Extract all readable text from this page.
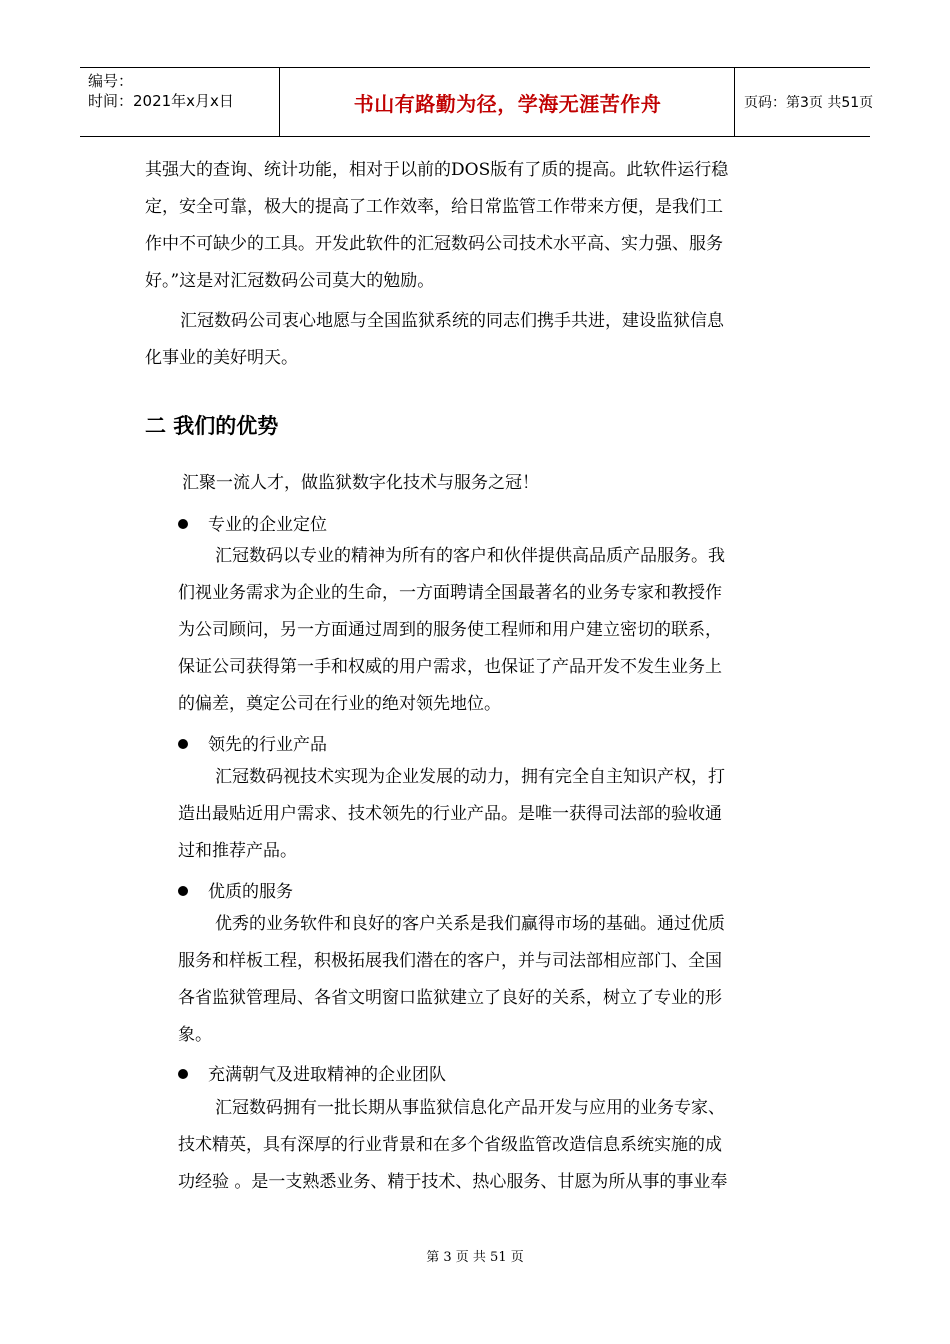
编号：
时间：2021年x月x日	书山有路勤为径，学海无涯苦作舟	页码：第3页 共51页
其强大的查询、统计功能，相对于以前的DOS版有了质的提高。此软件运行稳
定，安全可靠，极大的提高了工作效率，给日常监管工作带来方便，是我们工
作中不可缺少的工具。开发此软件的汇冠数码公司技术水平高、实力强、服务
好。”这是对汇冠数码公司莫大的勉励。
汇冠数码公司衷心地愿与全国监狱系统的同志们携手共进，建设监狱信息
化事业的美好明天。
二 我们的优势
汇聚一流人才，做监狱数字化技术与服务之冠！
专业的企业定位
汇冠数码以专业的精神为所有的客户和伙伴提供高品质产品服务。我
们视业务需求为企业的生命，一方面聘请全国最著名的业务专家和教授作
为公司顾问，另一方面通过周到的服务使工程师和用户建立密切的联系，
保证公司获得第一手和权威的用户需求，也保证了产品开发不发生业务上
的偏差，奠定公司在行业的绝对领先地位。
领先的行业产品
汇冠数码视技术实现为企业发展的动力，拥有完全自主知识产权，打
造出最贴近用户需求、技术领先的行业产品。是唯一获得司法部的验收通
过和推荐产品。
优质的服务
优秀的业务软件和良好的客户关系是我们赢得市场的基础。通过优质
服务和样板工程，积极拓展我们潜在的客户，并与司法部相应部门、全国
各省监狱管理局、各省文明窗口监狱建立了良好的关系，树立了专业的形
象。
充满朝气及进取精神的企业团队
汇冠数码拥有一批长期从事监狱信息化产品开发与应用的业务专家、
技术精英，具有深厚的行业背景和在多个省级监管改造信息系统实施的成
功经验 。是一支熟悉业务、精于技术、热心服务、甘愿为所从事的事业奉
第 3 页 共 51 页
